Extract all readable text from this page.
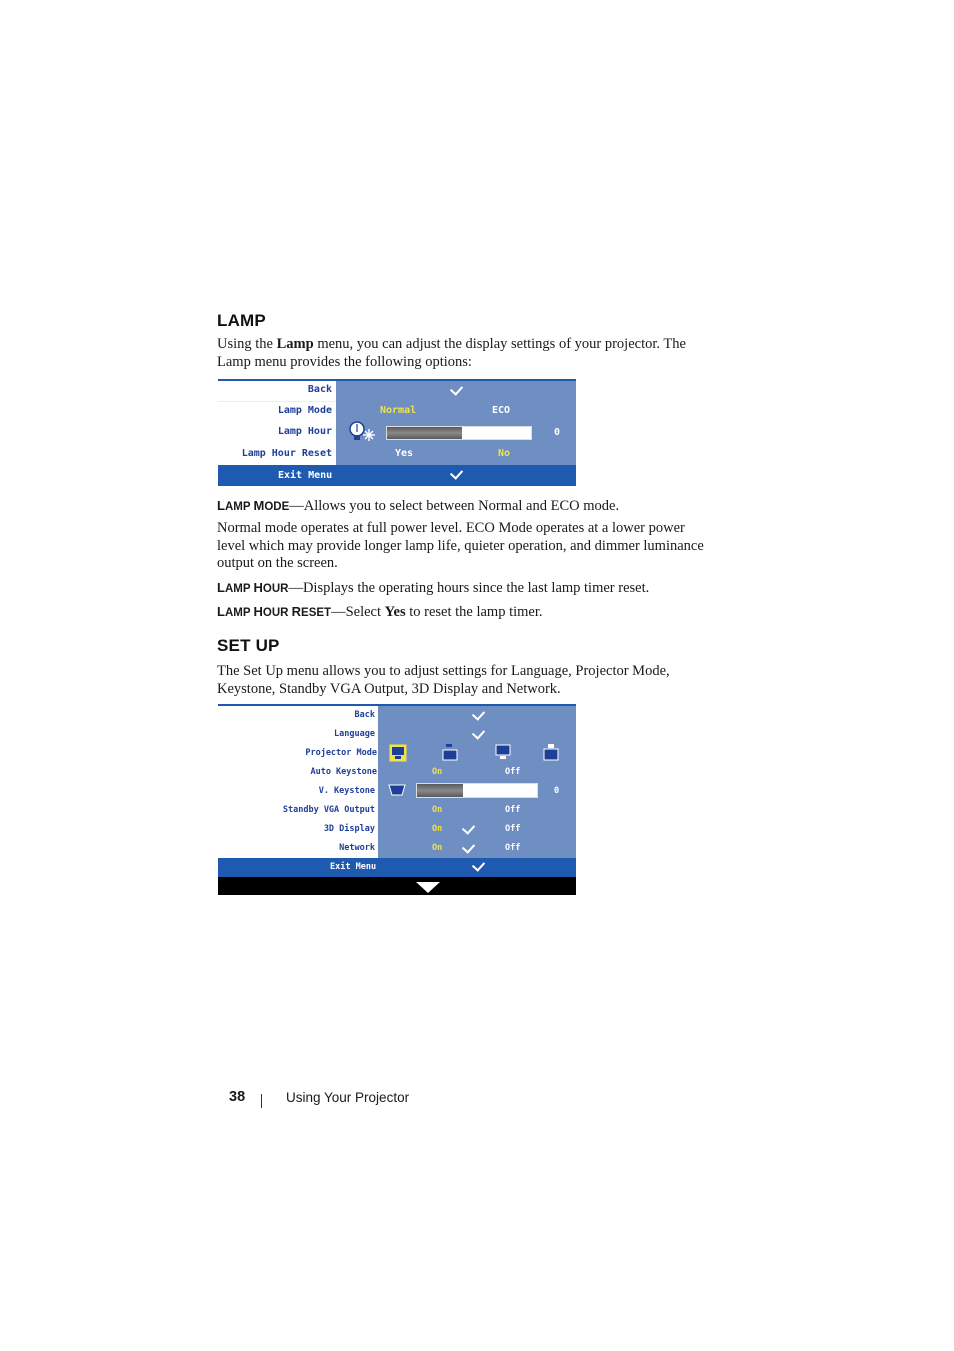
LAMP

Using the Lamp menu, you can adjust the display settings of your projector. The Lamp menu provides the following options:

Back
Lamp Mode	Normal	ECO
Lamp Hour	0
Lamp Hour Reset	Yes	No
Exit Menu

LAMP MODE—Allows you to select between Normal and ECO mode.

Normal mode operates at full power level. ECO Mode operates at a lower power level which may provide longer lamp life, quieter operation, and dimmer luminance output on the screen.

LAMP HOUR—Displays the operating hours since the last lamp timer reset.

LAMP HOUR RESET—Select Yes to reset the lamp timer.

SET UP

The Set Up menu allows you to adjust settings for Language, Projector Mode, Keystone, Standby VGA Output, 3D Display and Network.

Back
Language
Projector Mode
Auto Keystone	On	Off
V. Keystone	0
Standby VGA Output	On	Off
3D Display	On	Off
Network	On	Off
Exit Menu
38	Using Your Projector
